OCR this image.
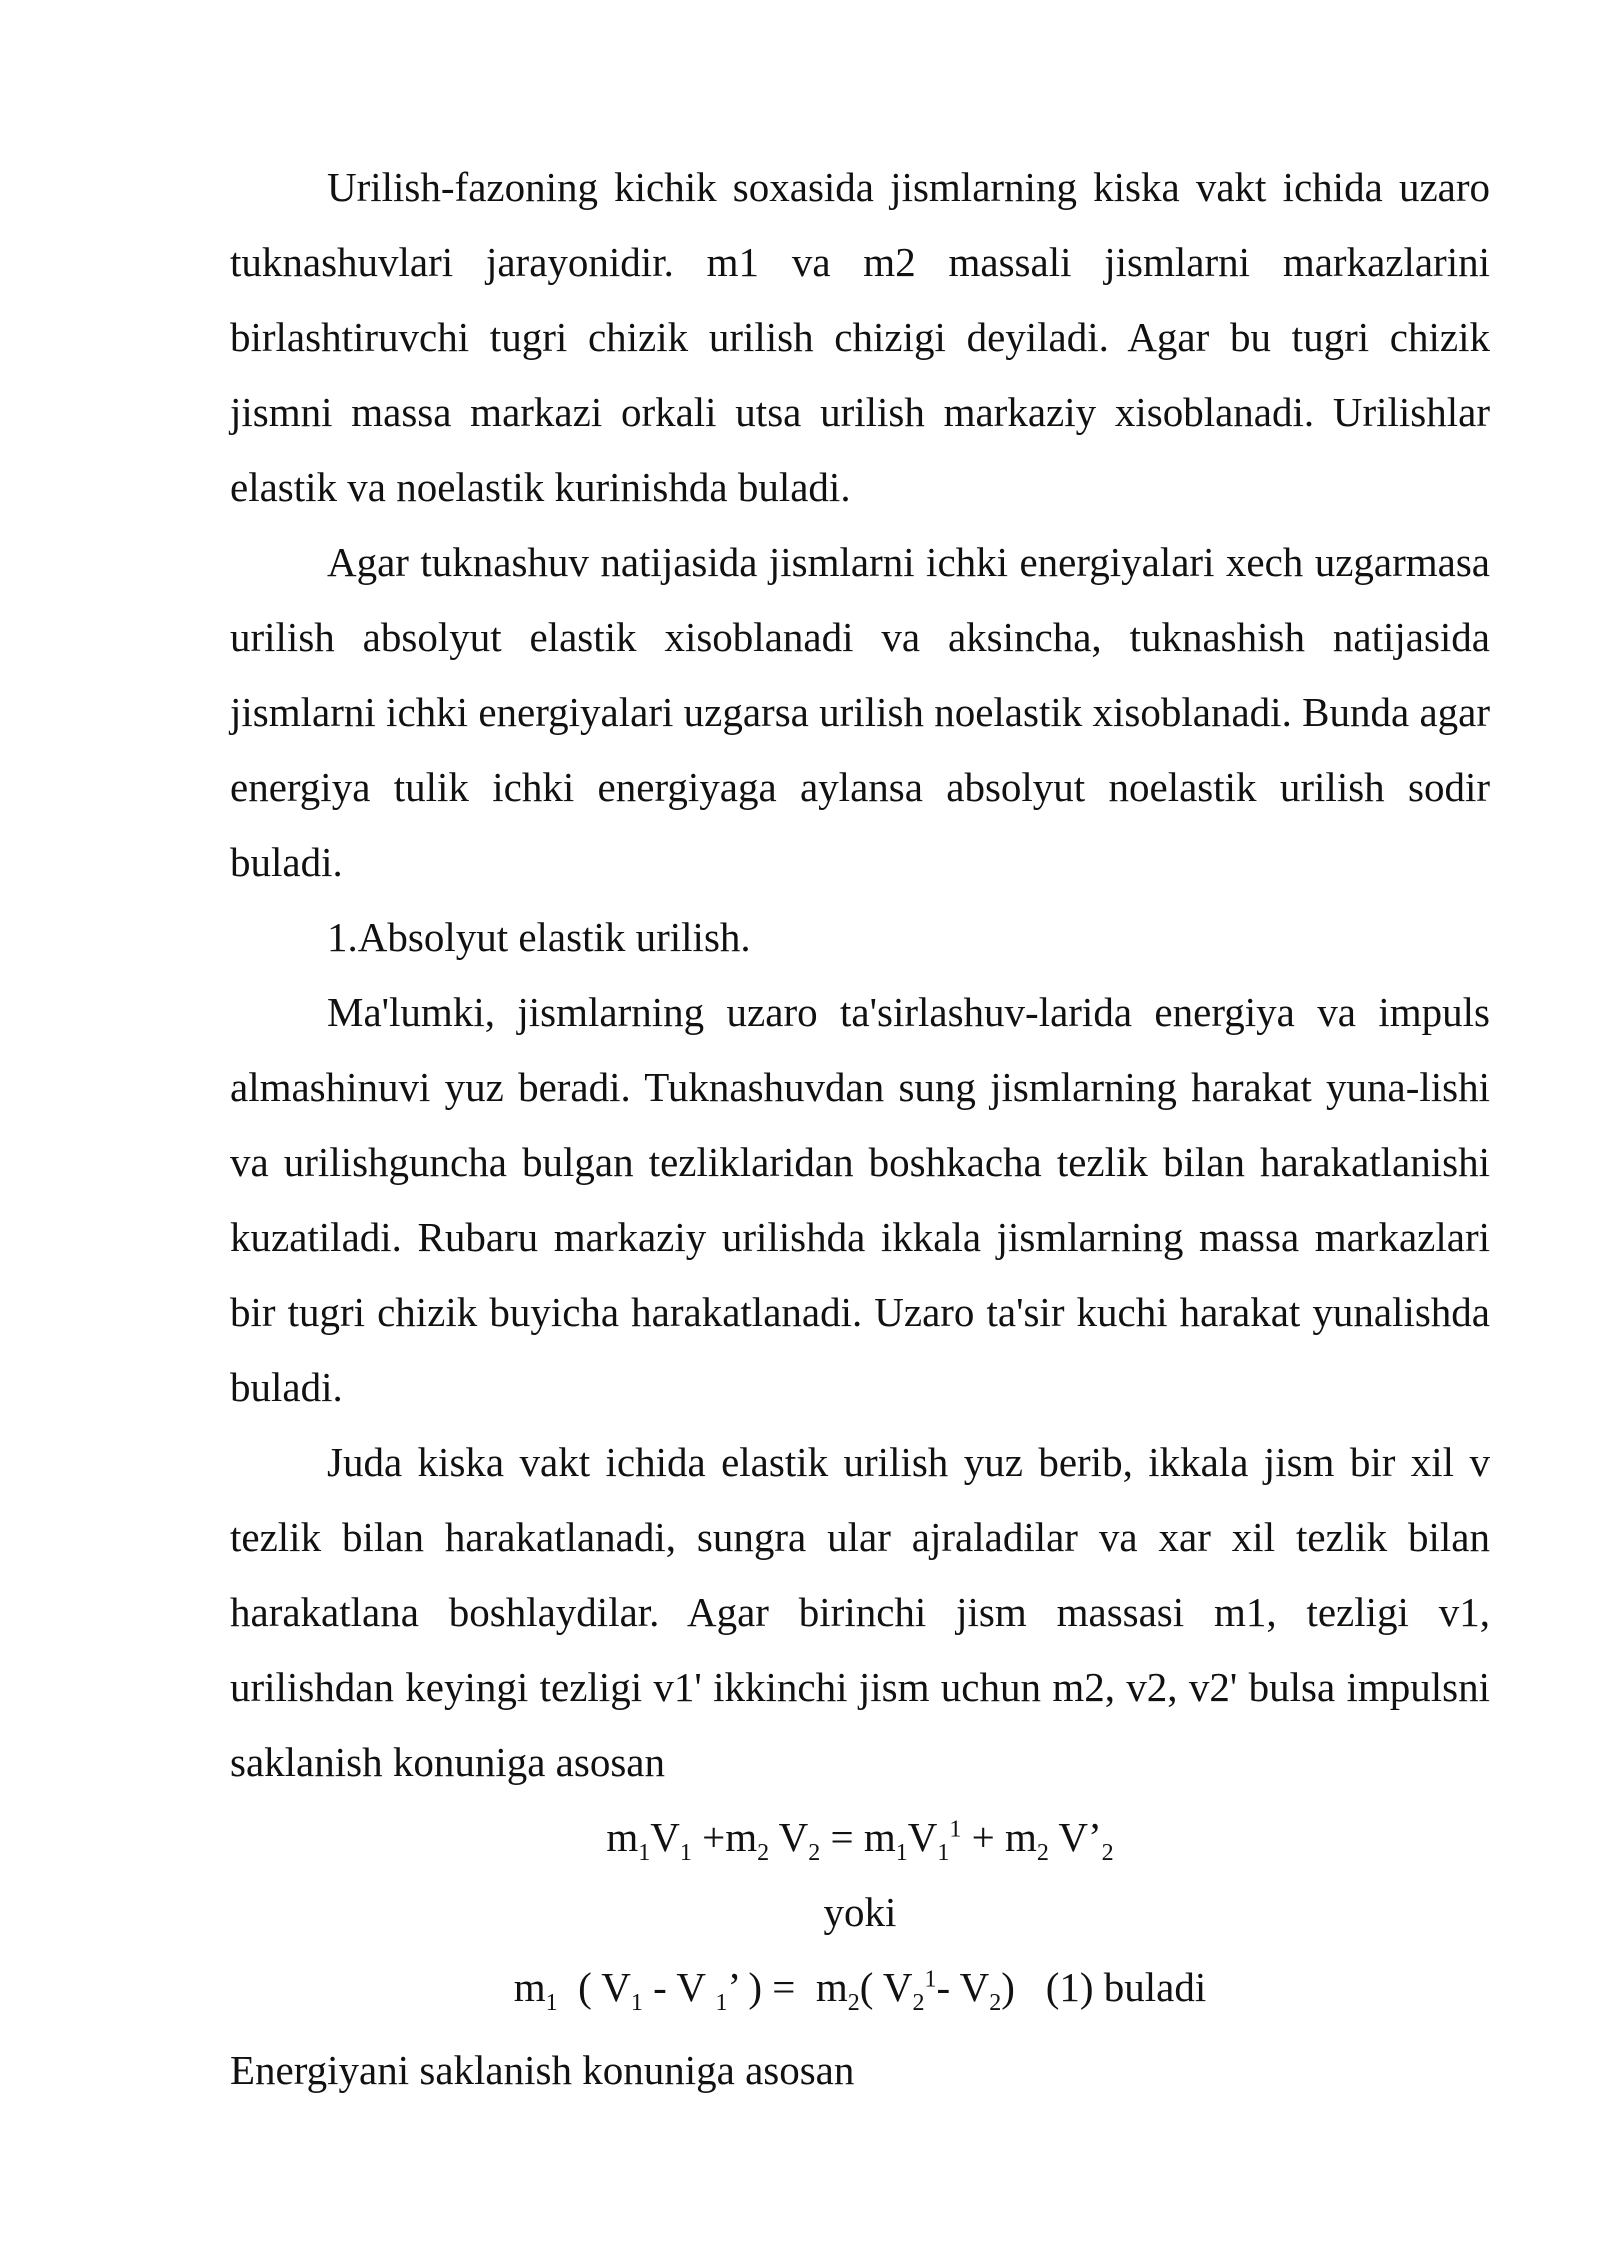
Urilish-fazoning kichik soxasida jismlarning kiska vakt ichida uzaro tuknashuvlari jarayonidir. m1 va m2 massali jismlarni markazlarini birlashtiruvchi tugri chizik urilish chizigi deyiladi. Agar bu tugri chizik jismni massa markazi orkali utsa urilish markaziy xisoblanadi. Urilishlar elastik va noelastik kurinishda buladi.

Agar tuknashuv natijasida jismlarni ichki energiyalari xech uzgarmasa urilish absolyut elastik xisoblanadi va aksincha, tuknashish natijasida jismlarni ichki energiyalari uzgarsa urilish noelastik xisoblanadi. Bunda agar energiya tulik ichki energiyaga aylansa absolyut noelastik urilish sodir buladi.

1.Absolyut elastik urilish.

Ma'lumki, jismlarning uzaro ta'sirlashuv-larida energiya va impuls almashinuvi yuz beradi. Tuknashuvdan sung jismlarning harakat yuna-lishi va urilishguncha bulgan tezliklaridan boshkacha tezlik bilan harakatlanishi kuzatiladi. Rubaru markaziy urilishda ikkala jismlarning massa markazlari bir tugri chizik buyicha harakatlanadi. Uzaro ta'sir kuchi harakat yunalishda buladi.

Juda kiska vakt ichida elastik urilish yuz berib, ikkala jism bir xil v tezlik bilan harakatlanadi, sungra ular ajraladilar va xar xil tezlik bilan harakatlana boshlaydilar. Agar birinchi jism massasi m1, tezligi v1, urilishdan keyingi tezligi v1' ikkinchi jism uchun m2, v2, v2' bulsa impulsni saklanish konuniga asosan

$m_1V_1 +m_2$ $V_2 = m_1V_1^1 + m_2$ $V’_2$

yoki

$m_1$  ( $V_1$ - V $_1$’ ) =  $m_2$( $V_2^1-$ $V_2$)   (1) buladi

Energiyani saklanish konuniga asosan
